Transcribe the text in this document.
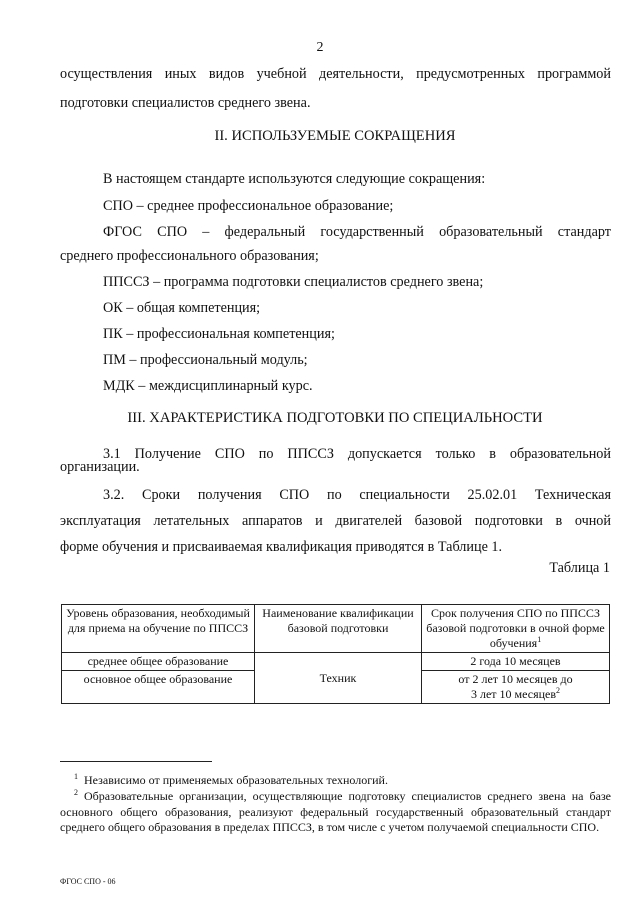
2
осуществления иных видов учебной деятельности, предусмотренных программой
подготовки специалистов среднего звена.
II. ИСПОЛЬЗУЕМЫЕ СОКРАЩЕНИЯ
В настоящем стандарте используются следующие сокращения:
СПО – среднее профессиональное образование;
ФГОС СПО – федеральный государственный образовательный стандарт
среднего профессионального образования;
ППССЗ – программа подготовки специалистов среднего звена;
ОК – общая компетенция;
ПК – профессиональная компетенция;
ПМ – профессиональный модуль;
МДК – междисциплинарный курс.
III. ХАРАКТЕРИСТИКА ПОДГОТОВКИ ПО СПЕЦИАЛЬНОСТИ
3.1 Получение СПО по ППССЗ допускается только в образовательной
организации.
3.2. Сроки получения СПО по специальности 25.02.01 Техническая
эксплуатация летательных аппаратов и двигателей базовой подготовки в очной
форме обучения и присваиваемая квалификация приводятся в Таблице 1.
Таблица 1
Уровень образования, необходимый для приема на обучение по ППССЗ	Наименование квалификации базовой подготовки	Срок получения СПО по ППССЗ базовой подготовки в очной форме обучения$^1$
среднее общее образование	Техник	2 года 10 месяцев
основное общее образование		от 2 лет 10 месяцев до
3 лет 10 месяцев$^2$
$^1$ Независимо от применяемых образовательных технологий.
$^2$ Образовательные организации, осуществляющие подготовку специалистов среднего звена на базе основного общего образования, реализуют федеральный государственный образовательный стандарт среднего общего образования в пределах ППССЗ, в том числе с учетом получаемой специальности СПО.
ФГОС СПО - 06
